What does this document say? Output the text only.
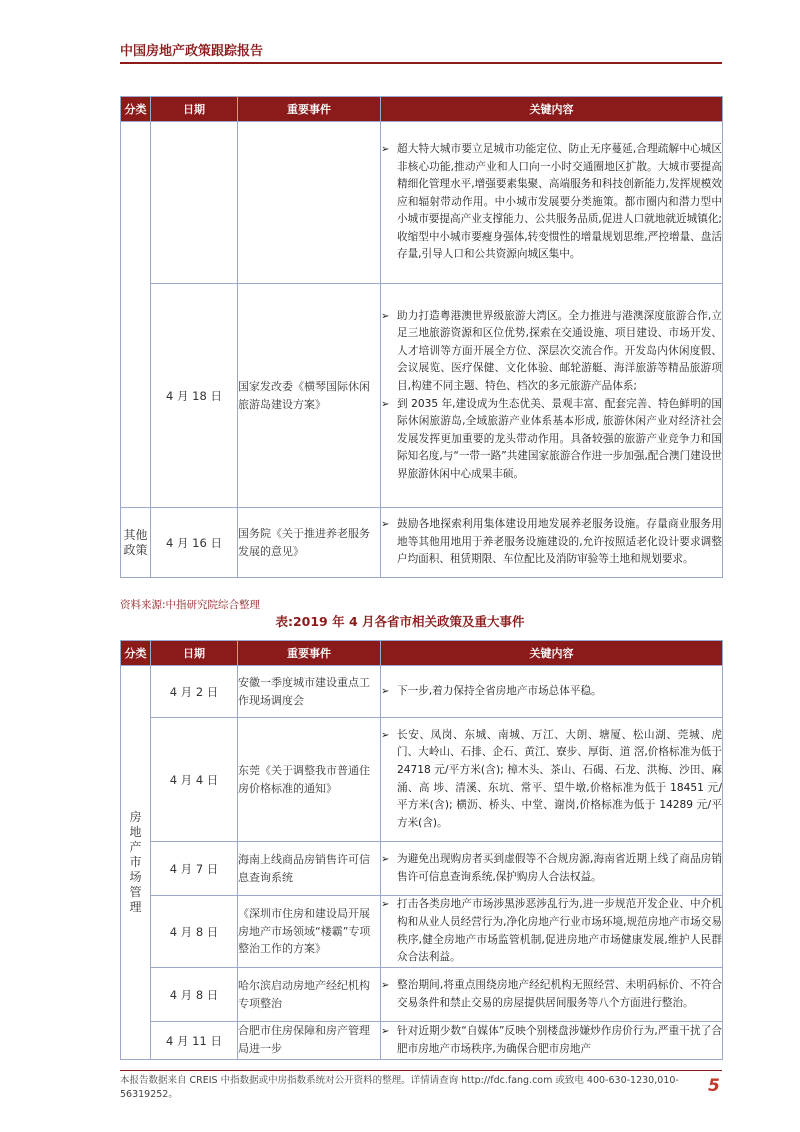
中国房地产政策跟踪报告
分类	日期	重要事件	关键内容

			➢ 超大特大城市要立足城市功能定位、防止无序蔓延,合理疏解中心城区非核心功能,推动产业和人口向一小时交通圈地区扩散。大城市要提高精细化管理水平,增强要素集聚、高端服务和科技创新能力,发挥规模效应和辐射带动作用。中小城市发展要分类施策。都市圈内和潜力型中小城市要提高产业支撑能力、公共服务品质,促进人口就地就近城镇化;收缩型中小城市要瘦身强体,转变惯性的增量规划思维,严控增量、盘活存量,引导人口和公共资源向城区集中。

	4 月 18 日	国家发改委《横琴国际休闲旅游岛建设方案》	➢ 助力打造粤港澳世界级旅游大湾区。全力推进与港澳深度旅游合作,立足三地旅游资源和区位优势,探索在交通设施、项目建设、市场开发、人才培训等方面开展全方位、深层次交流合作。开发岛内休闲度假、会议展览、医疗保健、文化体验、邮轮游艇、海洋旅游等精品旅游项目,构建不同主题、特色、档次的多元旅游产品体系;
➢ 到 2035 年,建设成为生态优美、景观丰富、配套完善、特色鲜明的国际休闲旅游岛,全域旅游产业体系基本形成, 旅游休闲产业对经济社会发展发挥更加重要的龙头带动作用。具备较强的旅游产业竞争力和国际知名度,与“一带一路”共建国家旅游合作进一步加强,配合澳门建设世界旅游休闲中心成果丰硕。

其他政策	4 月 16 日	国务院《关于推进养老服务发展的意见》	➢ 鼓励各地探索利用集体建设用地发展养老服务设施。存量商业服务用地等其他用地用于养老服务设施建设的,允许按照适老化设计要求调整户均面积、租赁期限、车位配比及消防审验等土地和规划要求。
资料来源:中指研究院综合整理
表:2019 年 4 月各省市相关政策及重大事件
分类	日期	重要事件	关键内容
房地产市场管理	4 月 2 日	安徽一季度城市建设重点工作现场调度会	➢ 下一步,着力保持全省房地产市场总体平稳。

	4 月 4 日	东莞《关于调整我市普通住房价格标准的通知》	➢ 长安、凤岗、东城、南城、万江、大朗、塘厦、松山湖、莞城、虎门、大岭山、石排、企石、黄江、寮步、厚街、道 滘,价格标准为低于 24718 元/平方米(含); 樟木头、茶山、石碣、石龙、洪梅、沙田、麻涌、高 埗、清溪、东坑、常平、望牛墩,价格标准为低于 18451 元/平方米(含); 横沥、桥头、中堂、谢岗,价格标准为低于 14289 元/平方米(含)。

	4 月 7 日	海南上线商品房销售许可信息查询系统	➢ 为避免出现购房者买到虚假等不合规房源,海南省近期上线了商品房销售许可信息查询系统,保护购房人合法权益。

	4 月 8 日	《深圳市住房和建设局开展房地产市场领域“楼霸”专项整治工作的方案》	➢ 打击各类房地产市场涉黑涉恶涉乱行为,进一步规范开发企业、中介机构和从业人员经营行为,净化房地产行业市场环境,规范房地产市场交易秩序,健全房地产市场监管机制,促进房地产市场健康发展,维护人民群众合法利益。

	4 月 8 日	哈尔滨启动房地产经纪机构专项整治	➢ 整治期间,将重点围绕房地产经纪机构无照经营、未明码标价、不符合交易条件和禁止交易的房屋提供居间服务等八个方面进行整治。

	4 月 11 日	合肥市住房保障和房产管理局进一步	➢ 针对近期少数“自媒体”反映个别楼盘涉嫌炒作房价行为,严重干扰了合肥市房地产市场秩序,为确保合肥市房地产
本报告数据来自 CREIS 中指数据或中房指数系统对公开资料的整理。详情请查询 http://fdc.fang.com 或致电 400-630-1230,010-56319252。	5
